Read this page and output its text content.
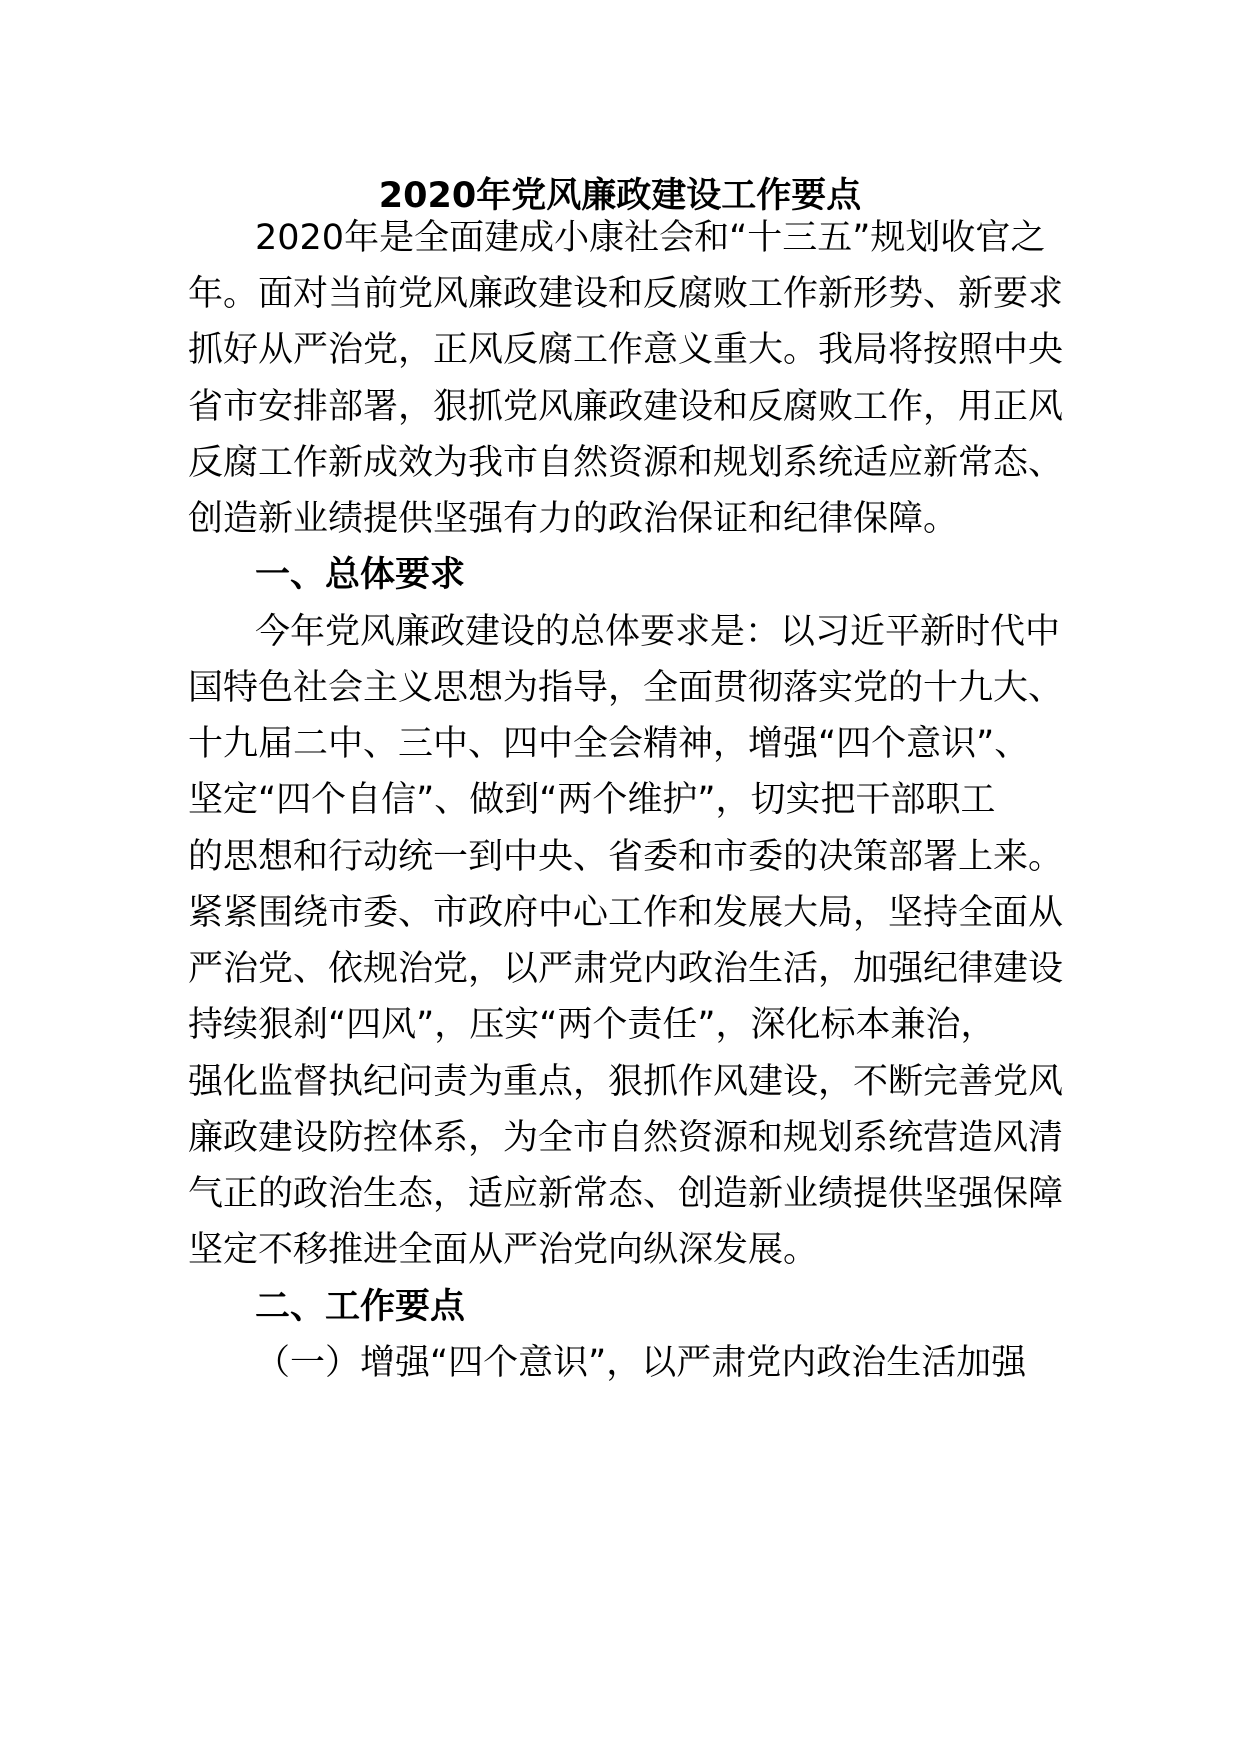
2020年党风廉政建设工作要点
2020年是全面建成小康社会和“十三五”规划收官之
年。面对当前党风廉政建设和反腐败工作新形势、新要求
抓好从严治党，正风反腐工作意义重大。我局将按照中央
省市安排部署，狠抓党风廉政建设和反腐败工作，用正风
反腐工作新成效为我市自然资源和规划系统适应新常态、
创造新业绩提供坚强有力的政治保证和纪律保障。
一、总体要求
今年党风廉政建设的总体要求是：以习近平新时代中
国特色社会主义思想为指导，全面贯彻落实党的十九大、
十九届二中、三中、四中全会精神，增强“四个意识”、
坚定“四个自信”、做到“两个维护”，切实把干部职工
的思想和行动统一到中央、省委和市委的决策部署上来。
紧紧围绕市委、市政府中心工作和发展大局，坚持全面从
严治党、依规治党，以严肃党内政治生活，加强纪律建设
持续狠刹“四风”，压实“两个责任”，深化标本兼治，
强化监督执纪问责为重点，狠抓作风建设，不断完善党风
廉政建设防控体系，为全市自然资源和规划系统营造风清
气正的政治生态，适应新常态、创造新业绩提供坚强保障
坚定不移推进全面从严治党向纵深发展。
二、工作要点
（一）增强“四个意识”，以严肃党内政治生活加强
